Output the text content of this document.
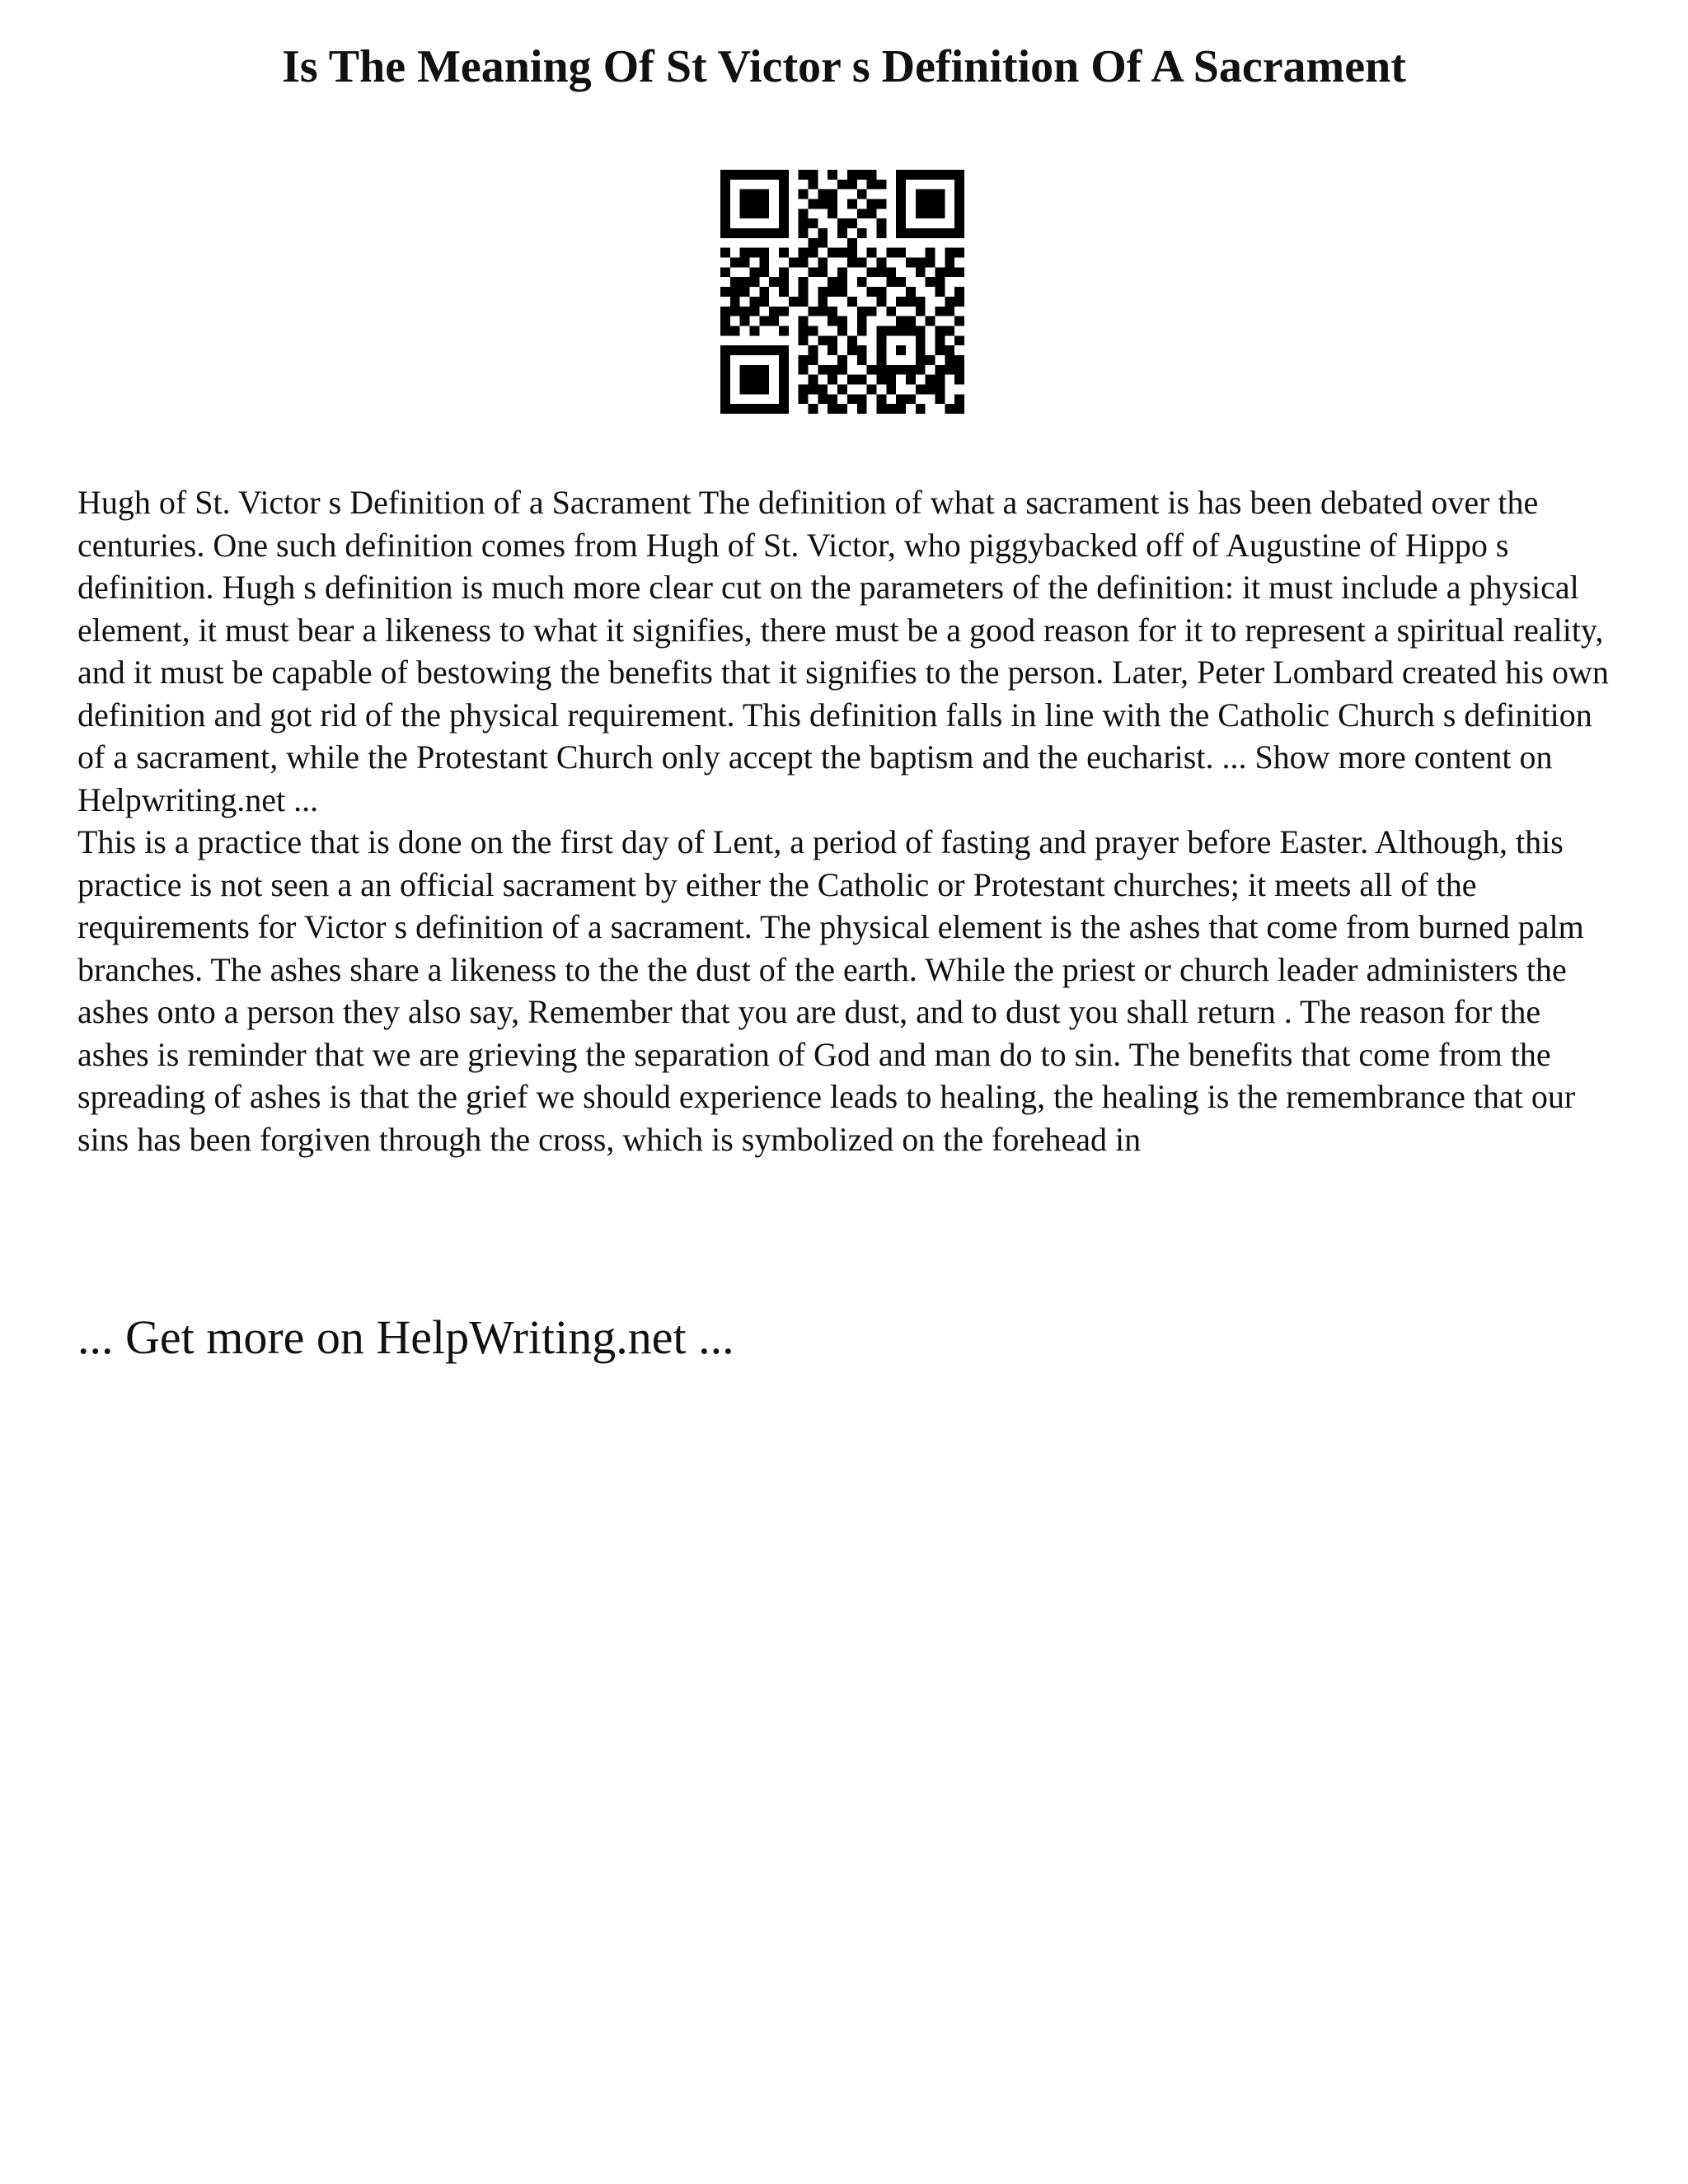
Is The Meaning Of St Victor s Definition Of A Sacrament

Hugh of St. Victor s Definition of a Sacrament The definition of what a sacrament is has been debated over the centuries. One such definition comes from Hugh of St. Victor, who piggybacked off of Augustine of Hippo s definition. Hugh s definition is much more clear cut on the parameters of the definition: it must include a physical element, it must bear a likeness to what it signifies, there must be a good reason for it to represent a spiritual reality, and it must be capable of bestowing the benefits that it signifies to the person. Later, Peter Lombard created his own definition and got rid of the physical requirement. This definition falls in line with the Catholic Church s definition of a sacrament, while the Protestant Church only accept the baptism and the eucharist. ... Show more content on Helpwriting.net ...

This is a practice that is done on the first day of Lent, a period of fasting and prayer before Easter. Although, this practice is not seen a an official sacrament by either the Catholic or Protestant churches; it meets all of the requirements for Victor s definition of a sacrament. The physical element is the ashes that come from burned palm branches. The ashes share a likeness to the the dust of the earth. While the priest or church leader administers the ashes onto a person they also say, Remember that you are dust, and to dust you shall return . The reason for the ashes is reminder that we are grieving the separation of God and man do to sin. The benefits that come from the spreading of ashes is that the grief we should experience leads to healing, the healing is the remembrance that our sins has been forgiven through the cross, which is symbolized on the forehead in

... Get more on HelpWriting.net ...
